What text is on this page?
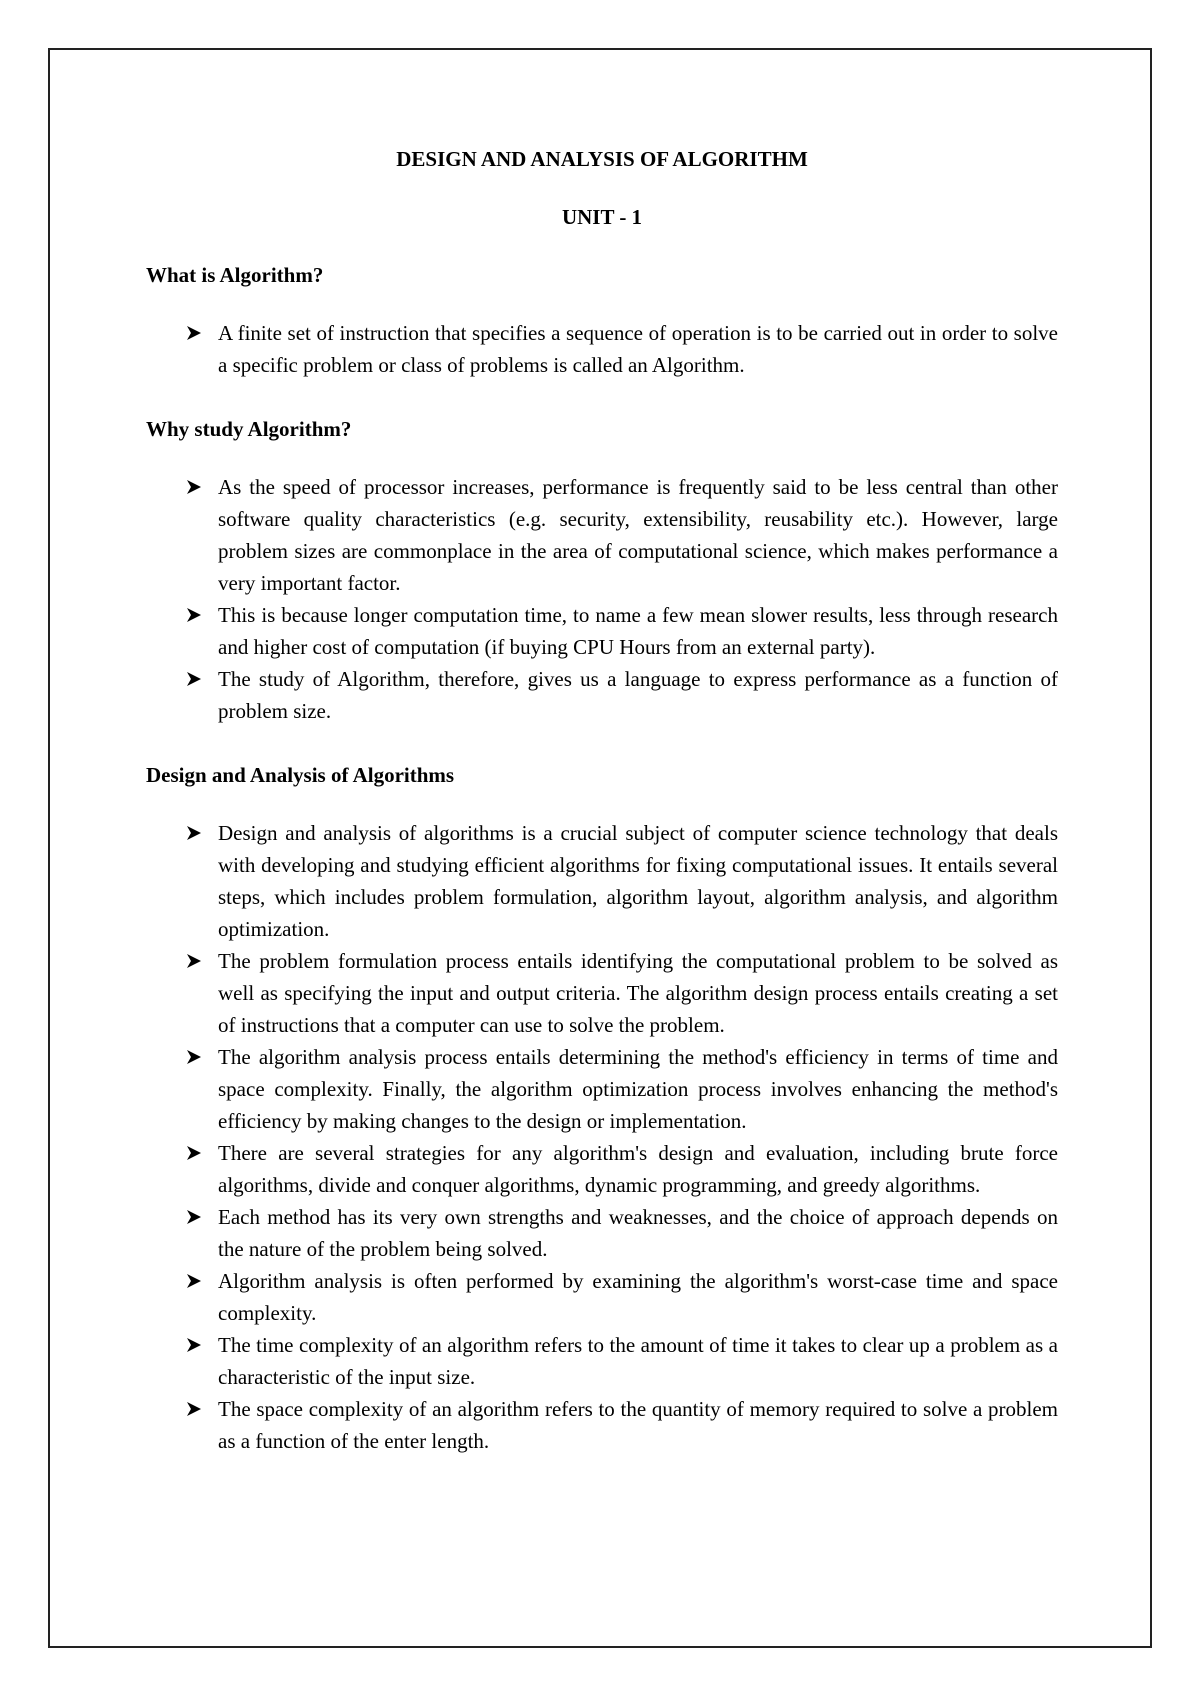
DESIGN AND ANALYSIS OF ALGORITHM
UNIT - 1
What is Algorithm?
A finite set of instruction that specifies a sequence of operation is to be carried out in order to solve a specific problem or class of problems is called an Algorithm.
Why study Algorithm?
As the speed of processor increases, performance is frequently said to be less central than other software quality characteristics (e.g. security, extensibility, reusability etc.). However, large problem sizes are commonplace in the area of computational science, which makes performance a very important factor.
This is because longer computation time, to name a few mean slower results, less through research and higher cost of computation (if buying CPU Hours from an external party).
The study of Algorithm, therefore, gives us a language to express performance as a function of problem size.
Design and Analysis of Algorithms
Design and analysis of algorithms is a crucial subject of computer science technology that deals with developing and studying efficient algorithms for fixing computational issues. It entails several steps, which includes problem formulation, algorithm layout, algorithm analysis, and algorithm optimization.
The problem formulation process entails identifying the computational problem to be solved as well as specifying the input and output criteria. The algorithm design process entails creating a set of instructions that a computer can use to solve the problem.
The algorithm analysis process entails determining the method's efficiency in terms of time and space complexity. Finally, the algorithm optimization process involves enhancing the method's efficiency by making changes to the design or implementation.
There are several strategies for any algorithm's design and evaluation, including brute force algorithms, divide and conquer algorithms, dynamic programming, and greedy algorithms.
Each method has its very own strengths and weaknesses, and the choice of approach depends on the nature of the problem being solved.
Algorithm analysis is often performed by examining the algorithm's worst-case time and space complexity.
The time complexity of an algorithm refers to the amount of time it takes to clear up a problem as a characteristic of the input size.
The space complexity of an algorithm refers to the quantity of memory required to solve a problem as a function of the enter length.
